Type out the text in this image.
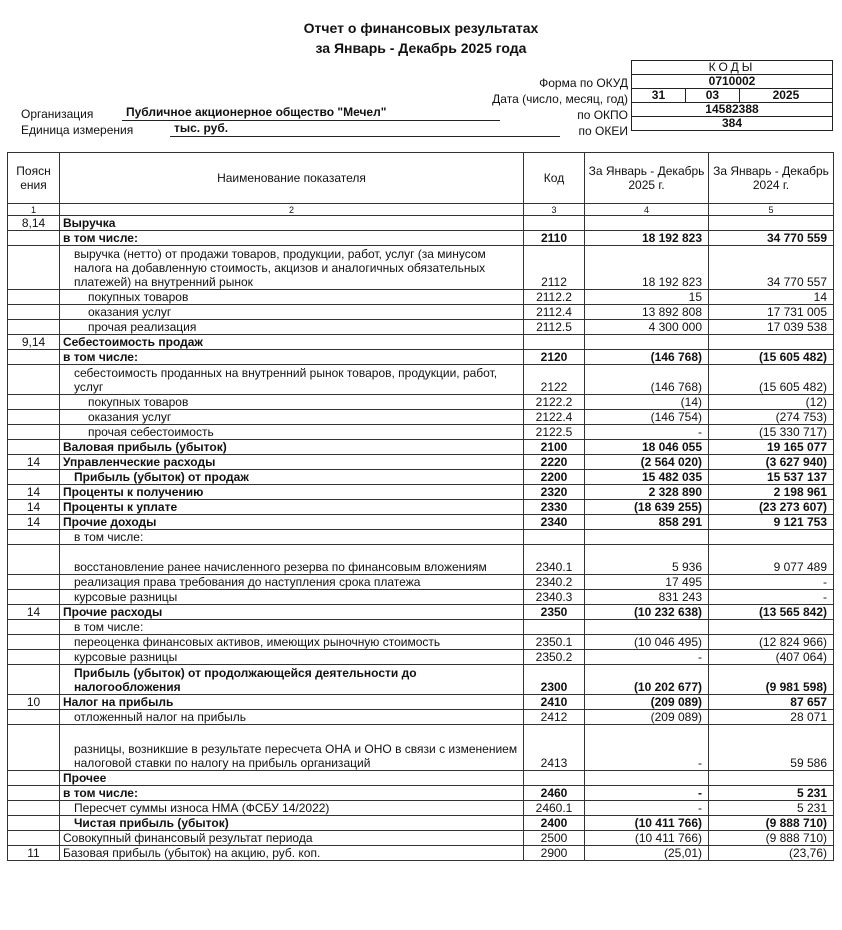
Отчет о финансовых результатах
за Январь - Декабрь 2025 года
КОДЫ
0710002
31	03	2025
14582388
384
Форма по ОКУД
Дата (число, месяц, год)
по ОКПО
по ОКЕИ
Организация	Публичное акционерное общество "Мечел"
Единица измерения	тыс. руб.
Поясн ения	Наименование показателя	Код	За Январь - Декабрь 2025 г.	За Январь - Декабрь 2024 г.
1	2	3	4	5
8,14	Выручка			
	в том числе:	2110	18 192 823	34 770 559
	выручка (нетто) от продажи товаров, продукции, работ, услуг (за минусом налога на добавленную стоимость, акцизов и аналогичных обязательных платежей) на внутренний рынок	2112	18 192 823	34 770 557
	покупных товаров	2112.2	15	14
	оказания услуг	2112.4	13 892 808	17 731 005
	прочая реализация	2112.5	4 300 000	17 039 538
9,14	Себестоимость продаж			
	в том числе:	2120	(146 768)	(15 605 482)
	себестоимость проданных на внутренний рынок товаров, продукции, работ, услуг	2122	(146 768)	(15 605 482)
	покупных товаров	2122.2	(14)	(12)
	оказания услуг	2122.4	(146 754)	(274 753)
	прочая себестоимость	2122.5	-	(15 330 717)
	Валовая прибыль (убыток)	2100	18 046 055	19 165 077
14	Управленческие расходы	2220	(2 564 020)	(3 627 940)
	Прибыль (убыток) от продаж	2200	15 482 035	15 537 137
14	Проценты к получению	2320	2 328 890	2 198 961
14	Проценты к уплате	2330	(18 639 255)	(23 273 607)
14	Прочие доходы	2340	858 291	9 121 753
	в том числе:			
	восстановление ранее начисленного резерва по финансовым вложениям	2340.1	5 936	9 077 489
	реализация права требования до наступления срока платежа	2340.2	17 495	-
	курсовые разницы	2340.3	831 243	-
14	Прочие расходы	2350	(10 232 638)	(13 565 842)
	в том числе:			
	переоценка финансовых активов, имеющих рыночную стоимость	2350.1	(10 046 495)	(12 824 966)
	курсовые разницы	2350.2	-	(407 064)
	Прибыль (убыток) от продолжающейся деятельности до налогообложения	2300	(10 202 677)	(9 981 598)
10	Налог на прибыль	2410	(209 089)	87 657
	отложенный налог на прибыль	2412	(209 089)	28 071
	разницы, возникшие в результате пересчета ОНА и ОНО в связи с изменением налоговой ставки по налогу на прибыль организаций	2413	-	59 586
	Прочее			
	в том числе:	2460	-	5 231
	Пересчет суммы износа НМА (ФСБУ 14/2022)	2460.1	-	5 231
	Чистая прибыль (убыток)	2400	(10 411 766)	(9 888 710)
	Совокупный финансовый результат периода	2500	(10 411 766)	(9 888 710)
11	Базовая прибыль (убыток) на акцию, руб. коп.	2900	(25,01)	(23,76)
